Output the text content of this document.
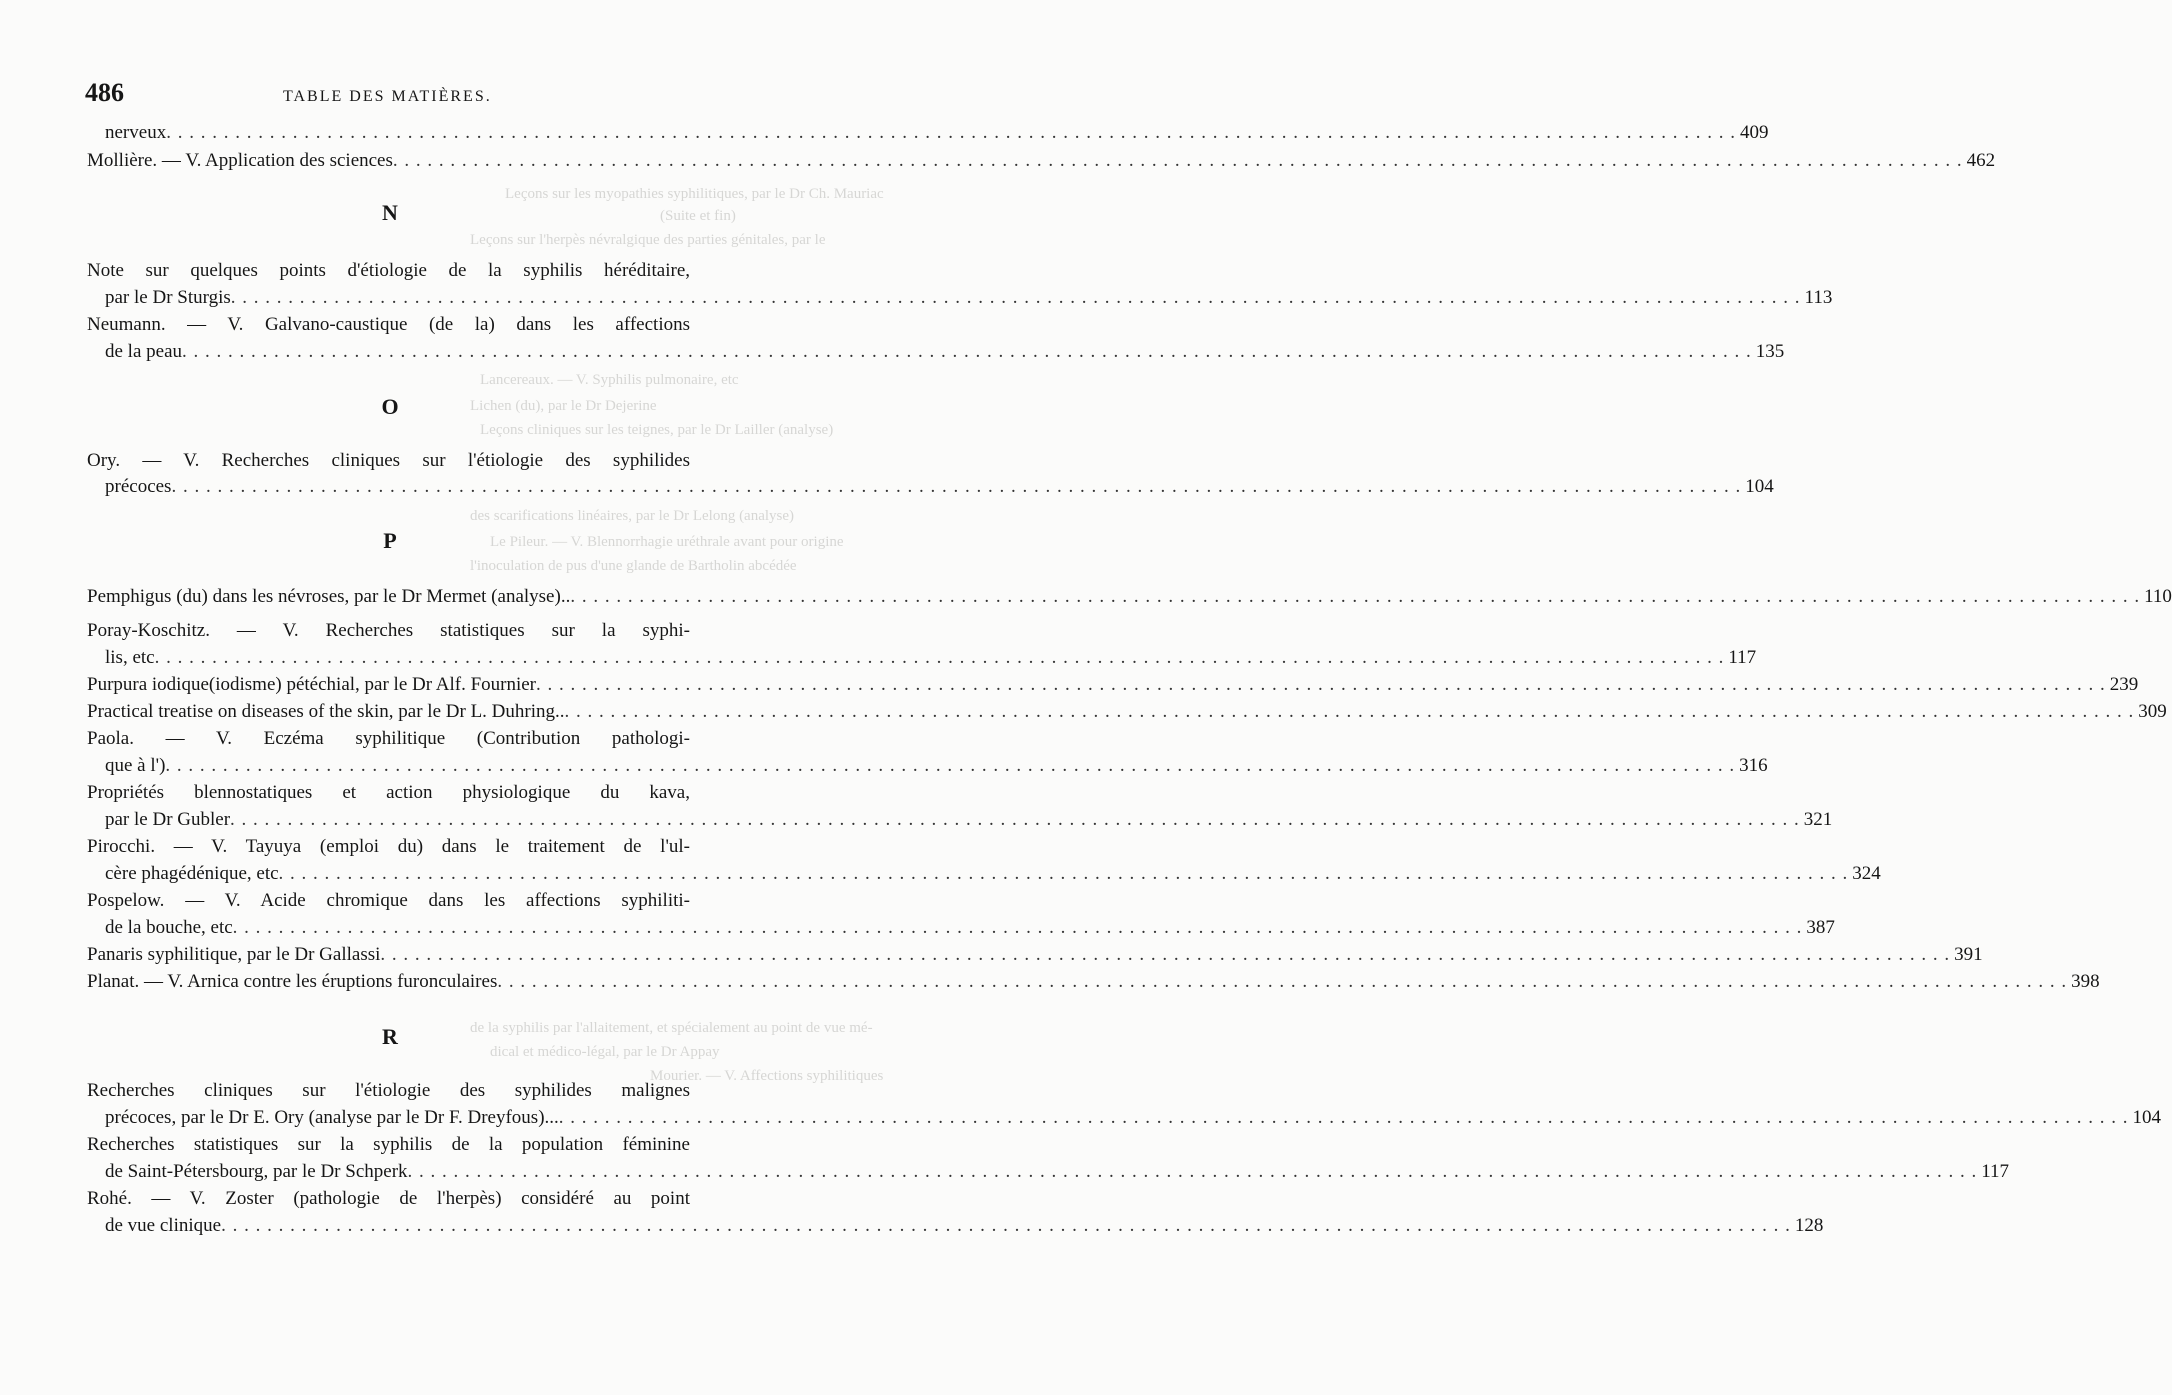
Leçons sur les myopathies syphilitiques, par le Dr Ch. Mauriac
(Suite et fin)
Leçons sur l'herpès névralgique des parties génitales, par le
Lancereaux. — V. Syphilis pulmonaire, etc
Lichen (du), par le Dr Dejerine
Leçons cliniques sur les teignes, par le Dr Lailler (analyse)
des scarifications linéaires, par le Dr Lelong (analyse)
Le Pileur. — V. Blennorrhagie uréthrale avant pour origine
l'inoculation de pus d'une glande de Bartholin abcédée
de la syphilis par l'allaitement, et spécialement au point de vue mé-
dical et médico-légal, par le Dr Appay
Mourier. — V. Affections syphilitiques
486	TABLE DES MATIÈRES.
nerveux . . .	409
Mollière. — V. Application des sciences . . .	462
N
Note sur quelques points d'étiologie de la syphilis héréditaire,
par le Dr Sturgis . . .	113
Neumann. — V. Galvano-caustique (de la) dans les affections
de la peau . . .	135
O
Ory. — V. Recherches cliniques sur l'étiologie des syphilides
précoces . . .	104
P
Pemphigus (du) dans les névroses, par le Dr Mermet (analyse).. . . .	110
Poray-Koschitz. — V. Recherches statistiques sur la syphi-
lis, etc . . .	117
Purpura iodique(iodisme) pétéchial, par le Dr Alf. Fournier . . .	239
Practical treatise on diseases of the skin, par le Dr L. Duhring.. . . .	309
Paola. — V. Eczéma syphilitique (Contribution pathologi-
que à l') . . .	316
Propriétés blennostatiques et action physiologique du kava,
par le Dr Gubler . . .	321
Pirocchi. — V. Tayuya (emploi du) dans le traitement de l'ul-
cère phagédénique, etc . . .	324
Pospelow. — V. Acide chromique dans les affections syphiliti-
de la bouche, etc . . .	387
Panaris syphilitique, par le Dr Gallassi . . .	391
Planat. — V. Arnica contre les éruptions furonculaires . . .	398
R
Recherches cliniques sur l'étiologie des syphilides malignes
précoces, par le Dr E. Ory (analyse par le Dr F. Dreyfous)... . . .	104
Recherches statistiques sur la syphilis de la population féminine
de Saint-Pétersbourg, par le Dr Schperk . . .	117
Rohé. — V. Zoster (pathologie de l'herpès) considéré au point
de vue clinique . . .	128
